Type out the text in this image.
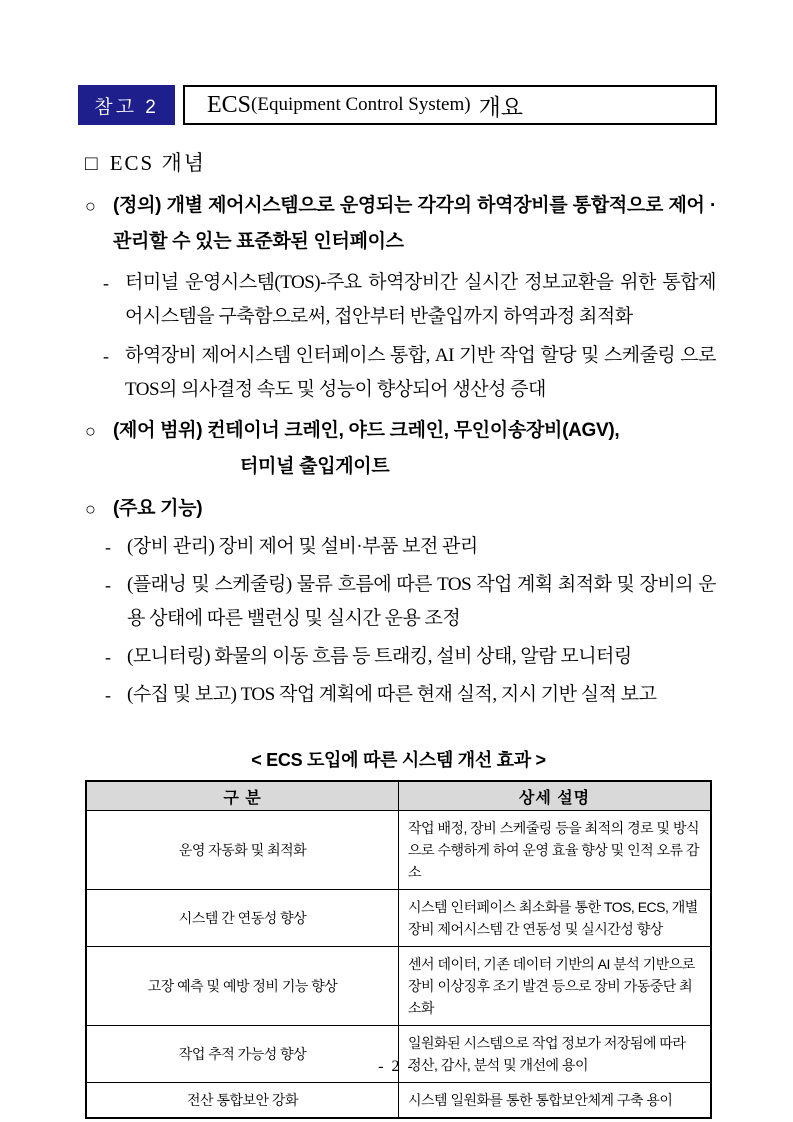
참고 2	ECS (Equipment Control System) 개요
□ ECS 개념
○ (정의) 개별 제어시스템으로 운영되는 각각의 하역장비를 통합적으로 제어 · 관리할 수 있는 표준화된 인터페이스
- 터미널 운영시스템(TOS)-주요 하역장비간 실시간 정보교환을 위한 통합제어시스템을 구축함으로써, 접안부터 반출입까지 하역과정 최적화
- 하역장비 제어시스템 인터페이스 통합, AI 기반 작업 할당 및 스케줄링 으로 TOS의 의사결정 속도 및 성능이 향상되어 생산성 증대
○ (제어 범위) 컨테이너 크레인, 야드 크레인, 무인이송장비(AGV),
터미널 출입게이트
○ (주요 기능)
- (장비 관리) 장비 제어 및 설비·부품 보전 관리
- (플래닝 및 스케줄링) 물류 흐름에 따른 TOS 작업 계획 최적화 및 장비의 운용 상태에 따른 밸런싱 및 실시간 운용 조정
- (모니터링) 화물의 이동 흐름 등 트래킹, 설비 상태, 알람 모니터링
- (수집 및 보고) TOS 작업 계획에 따른 현재 실적, 지시 기반 실적 보고
< ECS 도입에 따른 시스템 개선 효과 >
구 분	상세 설명
운영 자동화 및 최적화	작업 배정, 장비 스케줄링 등을 최적의 경로 및 방식으로 수행하게 하여 운영 효율 향상 및 인적 오류 감소
시스템 간 연동성 향상	시스템 인터페이스 최소화를 통한 TOS, ECS, 개별 장비 제어시스템 간 연동성 및 실시간성 향상
고장 예측 및 예방 정비 기능 향상	센서 데이터, 기존 데이터 기반의 AI 분석 기반으로 장비 이상징후 조기 발견 등으로 장비 가동중단 최소화
작업 추적 가능성 향상	일원화된 시스템으로 작업 정보가 저장됨에 따라 정산, 감사, 분석 및 개선에 용이
전산 통합보안 강화	시스템 일원화를 통한 통합보안체계 구축 용이
- 2 -
